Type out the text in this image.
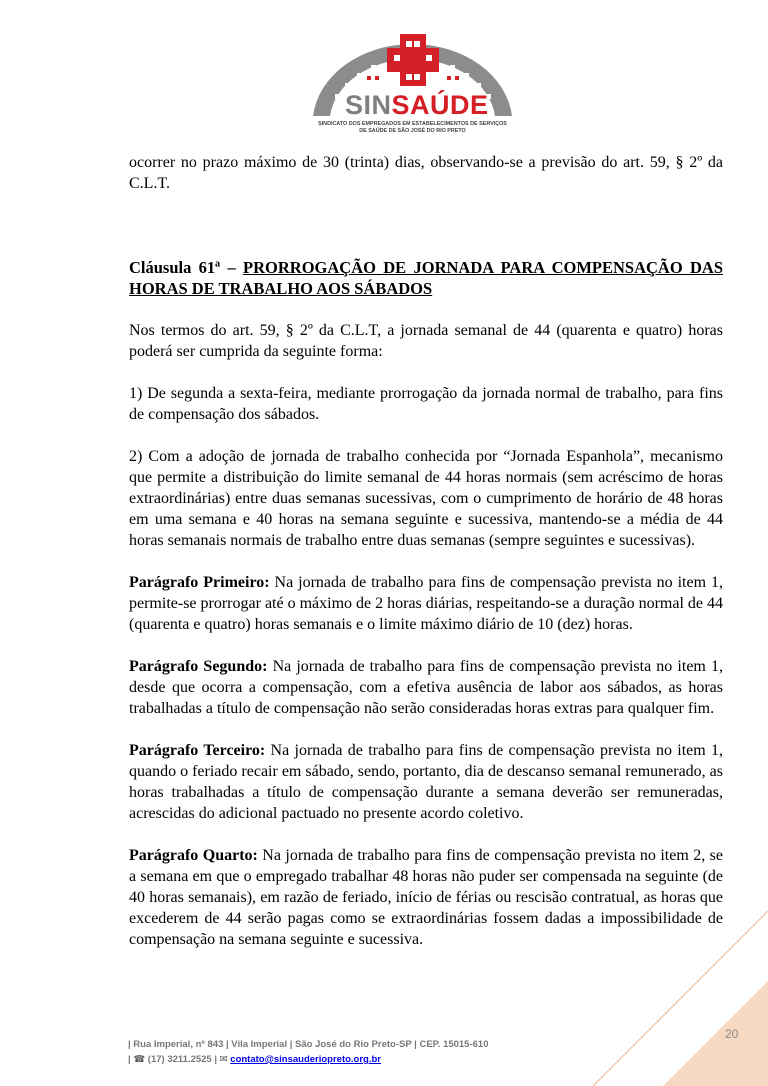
SINSAÚDE
SINDICATO DOS EMPREGADOS EM ESTABELECIMENTOS DE SERVIÇOS
DE SAÚDE DE SÃO JOSÉ DO RIO PRETO

ocorrer no prazo máximo de 30 (trinta) dias, observando-se a previsão do art. 59, § 2º da C.L.T.

Cláusula 61ª – PRORROGAÇÃO DE JORNADA PARA COMPENSAÇÃO DAS HORAS DE TRABALHO AOS SÁBADOS

Nos termos do art. 59, § 2º da C.L.T, a jornada semanal de 44 (quarenta e quatro) horas poderá ser cumprida da seguinte forma:

1) De segunda a sexta-feira, mediante prorrogação da jornada normal de trabalho, para fins de compensação dos sábados.

2) Com a adoção de jornada de trabalho conhecida por “Jornada Espanhola”, mecanismo que permite a distribuição do limite semanal de 44 horas normais (sem acréscimo de horas extraordinárias) entre duas semanas sucessivas, com o cumprimento de horário de 48 horas em uma semana e 40 horas na semana seguinte e sucessiva, mantendo-se a média de 44 horas semanais normais de trabalho entre duas semanas (sempre seguintes e sucessivas).

Parágrafo Primeiro: Na jornada de trabalho para fins de compensação prevista no item 1, permite-se prorrogar até o máximo de 2 horas diárias, respeitando-se a duração normal de 44 (quarenta e quatro) horas semanais e o limite máximo diário de 10 (dez) horas.

Parágrafo Segundo: Na jornada de trabalho para fins de compensação prevista no item 1, desde que ocorra a compensação, com a efetiva ausência de labor aos sábados, as horas trabalhadas a título de compensação não serão consideradas horas extras para qualquer fim.

Parágrafo Terceiro: Na jornada de trabalho para fins de compensação prevista no item 1, quando o feriado recair em sábado, sendo, portanto, dia de descanso semanal remunerado, as horas trabalhadas a título de compensação durante a semana deverão ser remuneradas, acrescidas do adicional pactuado no presente acordo coletivo.

Parágrafo Quarto: Na jornada de trabalho para fins de compensação prevista no item 2, se a semana em que o empregado trabalhar 48 horas não puder ser compensada na seguinte (de 40 horas semanais), em razão de feriado, início de férias ou rescisão contratual, as horas que excederem de 44 serão pagas como se extraordinárias fossem dadas a impossibilidade de compensação na semana seguinte e sucessiva.

20
| Rua Imperial, nº 843 | Vila Imperial | São José do Rio Preto-SP | CEP. 15015-610
| ☎ (17) 3211.2525 | ✉ contato@sinsauderiopreto.org.br
